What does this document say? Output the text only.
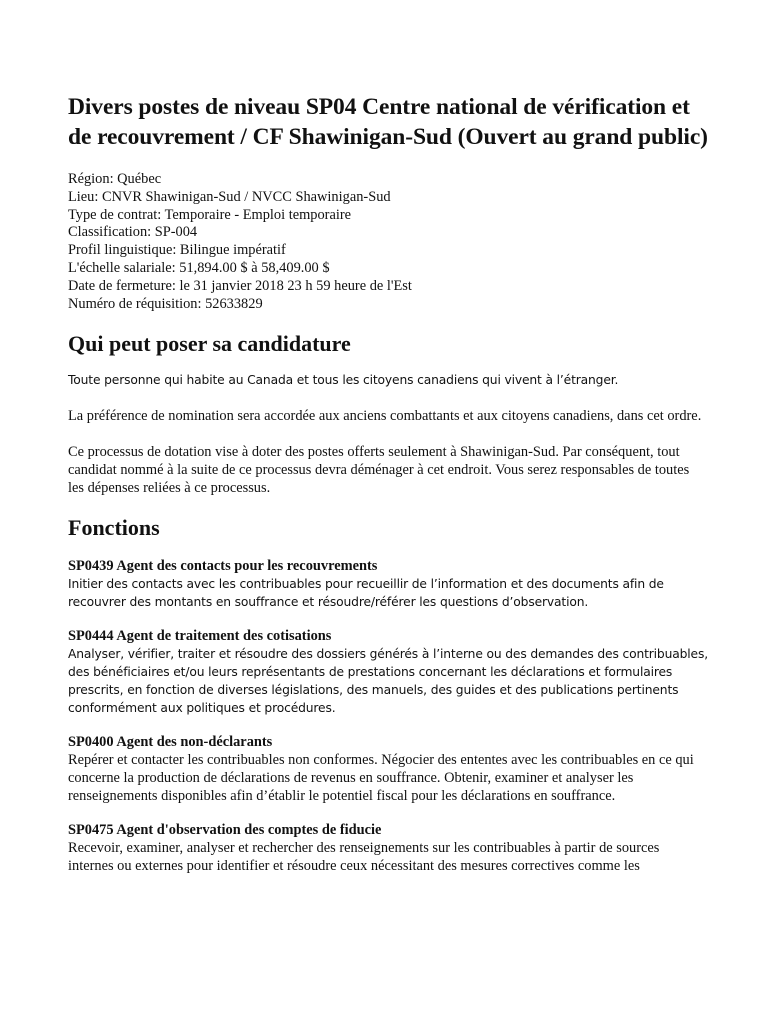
Divers postes de niveau SP04 Centre national de vérification et de recouvrement / CF Shawinigan-Sud (Ouvert au grand public)
Région: Québec
Lieu: CNVR Shawinigan-Sud / NVCC Shawinigan-Sud
Type de contrat: Temporaire - Emploi temporaire
Classification: SP-004
Profil linguistique: Bilingue impératif
L'échelle salariale: 51,894.00 $ à 58,409.00 $
Date de fermeture: le 31 janvier 2018 23 h 59 heure de l'Est
Numéro de réquisition: 52633829
Qui peut poser sa candidature

Toute personne qui habite au Canada et tous les citoyens canadiens qui vivent à l’étranger.

La préférence de nomination sera accordée aux anciens combattants et aux citoyens canadiens, dans cet ordre.

Ce processus de dotation vise à doter des postes offerts seulement à Shawinigan-Sud. Par conséquent, tout candidat nommé à la suite de ce processus devra déménager à cet endroit. Vous serez responsables de toutes les dépenses reliées à ce processus.

Fonctions
SP0439 Agent des contacts pour les recouvrements
Initier des contacts avec les contribuables pour recueillir de l’information et des documents afin de recouvrer des montants en souffrance et résoudre/référer les questions d’observation.
SP0444 Agent de traitement des cotisations
Analyser, vérifier, traiter et résoudre des dossiers générés à l’interne ou des demandes des contribuables, des bénéficiaires et/ou leurs représentants de prestations concernant les déclarations et formulaires prescrits, en fonction de diverses législations, des manuels, des guides et des publications pertinents conformément aux politiques et procédures.
SP0400 Agent des non-déclarants
Repérer et contacter les contribuables non conformes. Négocier des ententes avec les contribuables en ce qui concerne la production de déclarations de revenus en souffrance. Obtenir, examiner et analyser les renseignements disponibles afin d’établir le potentiel fiscal pour les déclarations en souffrance.
SP0475 Agent d'observation des comptes de fiducie
Recevoir, examiner, analyser et rechercher des renseignements sur les contribuables à partir de sources internes ou externes pour identifier et résoudre ceux nécessitant des mesures correctives comme les
